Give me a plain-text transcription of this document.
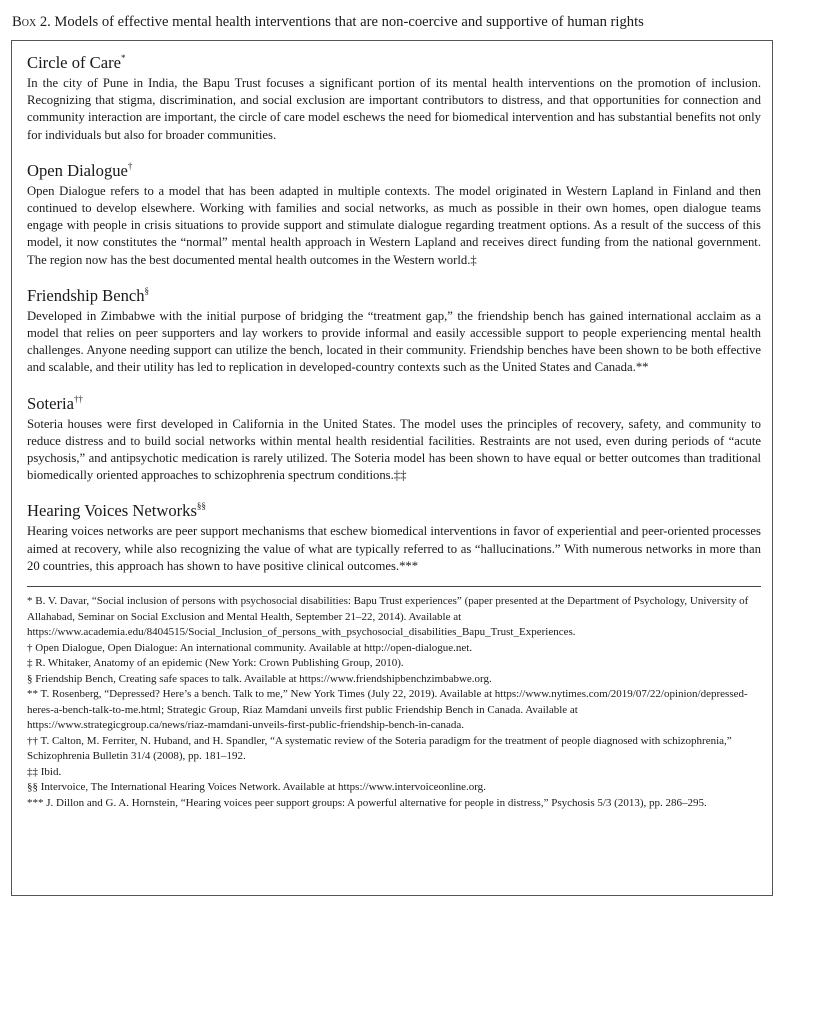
Box 2. Models of effective mental health interventions that are non-coercive and supportive of human rights
Circle of Care*

In the city of Pune in India, the Bapu Trust focuses a significant portion of its mental health interventions on the promotion of inclusion. Recognizing that stigma, discrimination, and social exclusion are important contributors to distress, and that opportunities for connection and community interaction are important, the circle of care model eschews the need for biomedical intervention and has substantial benefits not only for individuals but also for broader communities.

Open Dialogue†

Open Dialogue refers to a model that has been adapted in multiple contexts. The model originated in Western Lapland in Finland and then continued to develop elsewhere. Working with families and social networks, as much as possible in their own homes, open dialogue teams engage with people in crisis situations to provide support and stimulate dialogue regarding treatment options. As a result of the success of this model, it now constitutes the “normal” mental health approach in Western Lapland and receives direct funding from the national government. The region now has the best documented mental health outcomes in the Western world.‡

Friendship Bench§

Developed in Zimbabwe with the initial purpose of bridging the “treatment gap,” the friendship bench has gained international acclaim as a model that relies on peer supporters and lay workers to provide informal and easily accessible support to people experiencing mental health challenges. Anyone needing support can utilize the bench, located in their community. Friendship benches have been shown to be both effective and scalable, and their utility has led to replication in developed-country contexts such as the United States and Canada.**

Soteria††

Soteria houses were first developed in California in the United States. The model uses the principles of recovery, safety, and community to reduce distress and to build social networks within mental health residential facilities. Restraints are not used, even during periods of “acute psychosis,” and antipsychotic medication is rarely utilized. The Soteria model has been shown to have equal or better outcomes than traditional biomedically oriented approaches to schizophrenia spectrum conditions.‡‡

Hearing Voices Networks§§

Hearing voices networks are peer support mechanisms that eschew biomedical interventions in favor of experiential and peer-oriented processes aimed at recovery, while also recognizing the value of what are typically referred to as “hallucinations.” With numerous networks in more than 20 countries, this approach has shown to have positive clinical outcomes.***

* B. V. Davar, “Social inclusion of persons with psychosocial disabilities: Bapu Trust experiences” (paper presented at the Department of Psychology, University of Allahabad, Seminar on Social Exclusion and Mental Health, September 21–22, 2014). Available at https://www.academia.edu/8404515/Social_Inclusion_of_persons_with_psychosocial_disabilities_Bapu_Trust_Experiences.

† Open Dialogue, Open Dialogue: An international community. Available at http://open-dialogue.net.

‡ R. Whitaker, Anatomy of an epidemic (New York: Crown Publishing Group, 2010).

§ Friendship Bench, Creating safe spaces to talk. Available at https://www.friendshipbenchzimbabwe.org.

** T. Rosenberg, “Depressed? Here’s a bench. Talk to me,” New York Times (July 22, 2019). Available at https://www.nytimes.com/2019/07/22/opinion/depressed-heres-a-bench-talk-to-me.html; Strategic Group, Riaz Mamdani unveils first public Friendship Bench in Canada. Available at https://www.strategicgroup.ca/news/riaz-mamdani-unveils-first-public-friendship-bench-in-canada.

†† T. Calton, M. Ferriter, N. Huband, and H. Spandler, “A systematic review of the Soteria paradigm for the treatment of people diagnosed with schizophrenia,” Schizophrenia Bulletin 31/4 (2008), pp. 181–192.

‡‡ Ibid.

§§ Intervoice, The International Hearing Voices Network. Available at https://www.intervoiceonline.org.

*** J. Dillon and G. A. Hornstein, “Hearing voices peer support groups: A powerful alternative for people in distress,” Psychosis 5/3 (2013), pp. 286–295.
